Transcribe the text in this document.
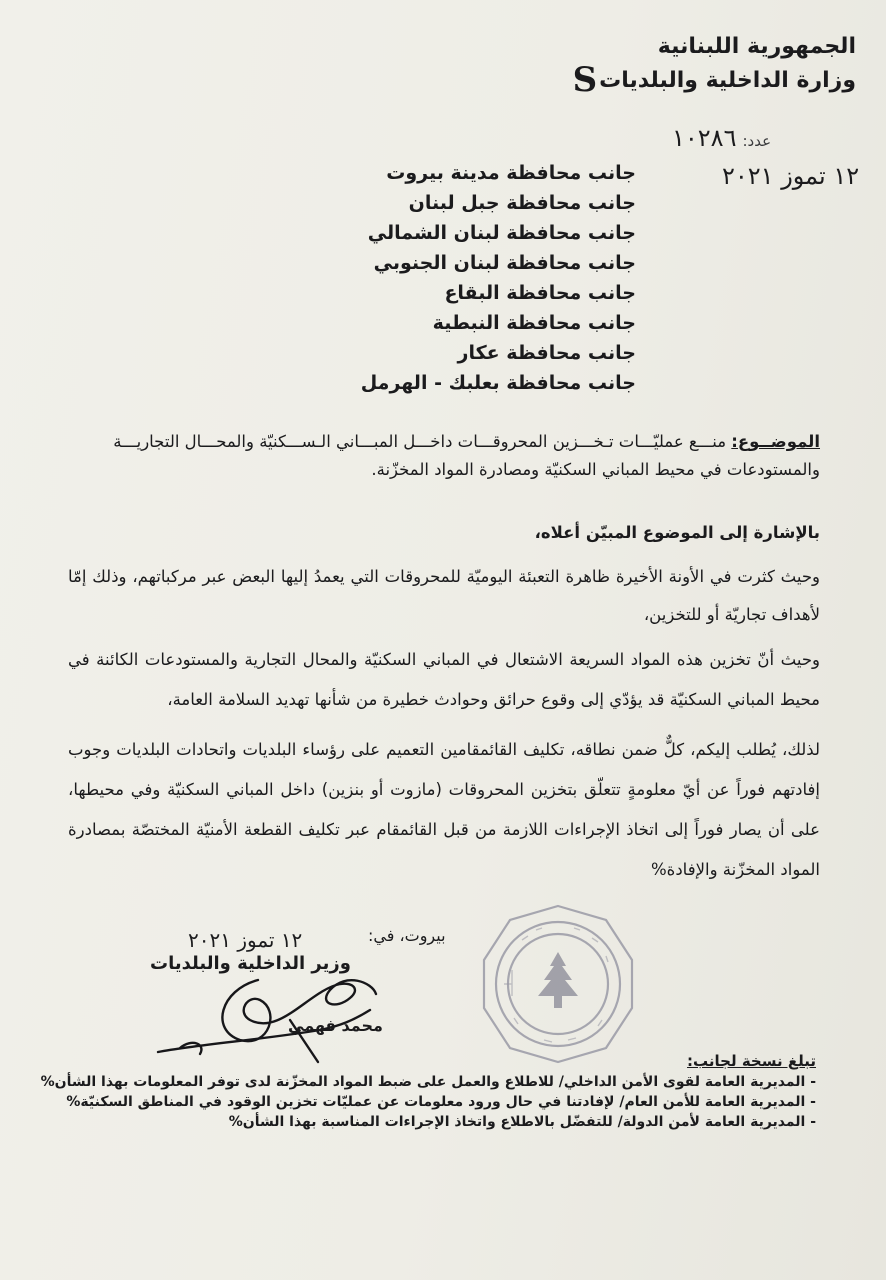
الجمهورية اللبنانية
وزارة الداخلية والبلدياتS
عدد: ١٠٢٨٦
١٢ تموز ٢٠٢١
جانب محافظة مدينة بيروت
جانب محافظة جبل لبنان
جانب محافظة لبنان الشمالي
جانب محافظة لبنان الجنوبي
جانب محافظة البقاع
جانب محافظة النبطية
جانب محافظة عكار
جانب محافظة بعلبك - الهرمل
الموضــوع: منـــع عمليّـــات تـخـــزين المحروقـــات داخـــل المبـــاني الـســـكنيّة والمحـــال التجاريـــة والمستودعات في محيط المباني السكنيّة ومصادرة المواد المخزّنة.

بالإشارة إلى الموضوع المبيّن أعلاه،

وحيث كثرت في الأونة الأخيرة ظاهرة التعبئة اليوميّة للمحروقات التي يعمدُ إليها البعض عبر مركباتهم، وذلك إمّا لأهداف تجاريّة أو للتخزين،

وحيث أنّ تخزين هذه المواد السريعة الاشتعال في المباني السكنيّة والمحال التجارية والمستودعات الكائنة في محيط المباني السكنيّة قد يؤدّي إلى وقوع حرائق وحوادث خطيرة من شأنها تهديد السلامة العامة،

لذلك، يُطلب إليكم، كلٌّ ضمن نطاقه، تكليف القائمقامين التعميم على رؤساء البلديات واتحادات البلديات وجوب إفادتهم فوراً عن أيّ معلومةٍ تتعلّق بتخزين المحروقات (مازوت أو بنزين) داخل المباني السكنيّة وفي محيطها، على أن يصار فوراً إلى اتخاذ الإجراءات اللازمة من قبل القائمقام عبر تكليف القطعة الأمنيّة المختصّة بمصادرة المواد المخزّنة والإفادة%

بيروت، في:
١٢ تموز ٢٠٢١
وزير الداخلية والبلديات
محمد فهمي
تبلغ نسخة لجانب:
- المديرية العامة لقوى الأمن الداخلي/ للاطلاع والعمل على ضبط المواد المخزّنة لدى توفر المعلومات بهذا الشأن%
- المديرية العامة للأمن العام/ لإفادتنا في حال ورود معلومات عن عمليّات تخزين الوقود في المناطق السكنيّة%
- المديرية العامة لأمن الدولة/ للتفضّل بالاطلاع واتخاذ الإجراءات المناسبة بهذا الشأن%
